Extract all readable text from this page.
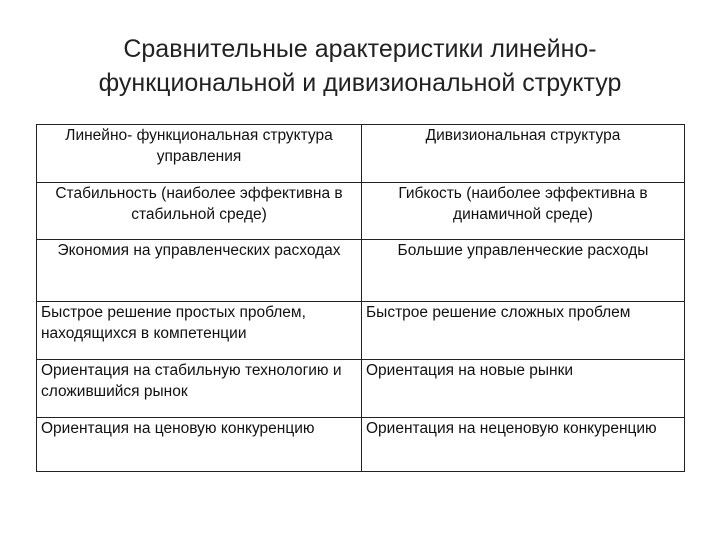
Сравнительные арактеристики линейно-
функциональной и дивизиональной структур
Линейно- функциональная структура управления	Дивизиональная структура

Стабильность (наиболее эффективна в стабильной среде)	Гибкость (наиболее эффективна в динамичной среде)

Экономия на управленческих расходах	Большие управленческие расходы

Быстрое решение простых проблем, находящихся в компетенции	Быстрое решение сложных проблем

Ориентация на стабильную технологию и сложившийся рынок	Ориентация на новые рынки

Ориентация на ценовую конкуренцию	Ориентация на неценовую конкуренцию
